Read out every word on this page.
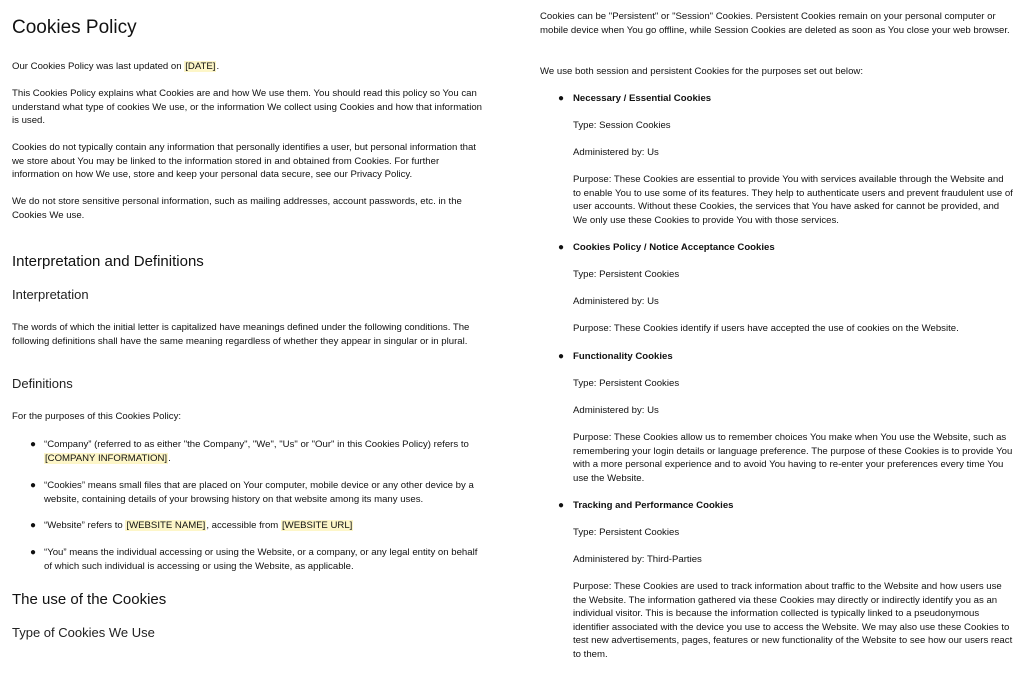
Cookies Policy

Our Cookies Policy was last updated on [DATE].

This Cookies Policy explains what Cookies are and how We use them. You should read this policy so You can understand what type of cookies We use, or the information We collect using Cookies and how that information is used.

Cookies do not typically contain any information that personally identifies a user, but personal information that we store about You may be linked to the information stored in and obtained from Cookies. For further information on how We use, store and keep your personal data secure, see our Privacy Policy.

We do not store sensitive personal information, such as mailing addresses, account passwords, etc. in the Cookies We use.

Interpretation and Definitions
Interpretation

The words of which the initial letter is capitalized have meanings defined under the following conditions. The following definitions shall have the same meaning regardless of whether they appear in singular or in plural.

Definitions

For the purposes of this Cookies Policy:

● “Company” (referred to as either "the Company", "We", "Us" or "Our" in this Cookies Policy) refers to [COMPANY INFORMATION].
● “Cookies” means small files that are placed on Your computer, mobile device or any other device by a website, containing details of your browsing history on that website among its many uses.
● “Website” refers to [WEBSITE NAME], accessible from [WEBSITE URL]
● “You” means the individual accessing or using the Website, or a company, or any legal entity on behalf of which such individual is accessing or using the Website, as applicable.
The use of the Cookies
Type of Cookies We Use

Cookies can be "Persistent" or "Session" Cookies. Persistent Cookies remain on your personal computer or mobile device when You go offline, while Session Cookies are deleted as soon as You close your web browser.

We use both session and persistent Cookies for the purposes set out below:

● Necessary / Essential Cookies

Type: Session Cookies

Administered by: Us

Purpose: These Cookies are essential to provide You with services available through the Website and to enable You to use some of its features. They help to authenticate users and prevent fraudulent use of user accounts. Without these Cookies, the services that You have asked for cannot be provided, and We only use these Cookies to provide You with those services.

● Cookies Policy / Notice Acceptance Cookies

Type: Persistent Cookies

Administered by: Us

Purpose: These Cookies identify if users have accepted the use of cookies on the Website.

● Functionality Cookies

Type: Persistent Cookies

Administered by: Us

Purpose: These Cookies allow us to remember choices You make when You use the Website, such as remembering your login details or language preference. The purpose of these Cookies is to provide You with a more personal experience and to avoid You having to re-enter your preferences every time You use the Website.

● Tracking and Performance Cookies

Type: Persistent Cookies

Administered by: Third-Parties

Purpose: These Cookies are used to track information about traffic to the Website and how users use the Website. The information gathered via these Cookies may directly or indirectly identify you as an individual visitor. This is because the information collected is typically linked to a pseudonymous identifier associated with the device you use to access the Website. We may also use these Cookies to test new advertisements, pages, features or new functionality of the Website to see how our users react to them.
